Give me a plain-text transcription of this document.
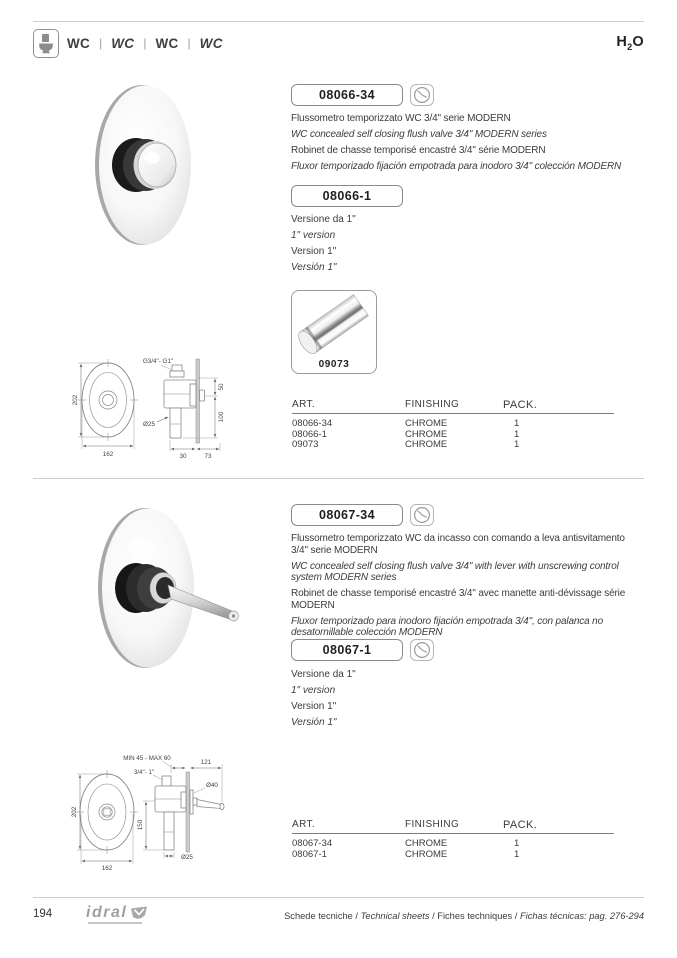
WC | WC | WC | WC	$H_2O$
08066-34

Flussometro temporizzato WC 3/4" serie MODERN

WC concealed self closing flush valve 3/4" MODERN series

Robinet de chasse temporisé encastré 3/4" série MODERN

Fluxor temporizado fijación empotrada para inodoro 3/4" colección MODERN

08066-1
Versione da 1"
1" version
Version 1"
Versión 1"
09073
202
162
G3/4"- G1"
50
100
Ø25
30	73
ART.	FINISHING	PACK.
08066-34	CHROME	1
08066-1	CHROME	1
09073	CHROME	1
08067-34

Flussometro temporizzato WC da incasso con comando a leva antisvitamento 3/4" serie MODERN

WC concealed self closing flush valve 3/4" with lever with unscrewing control system MODERN series

Robinet de chasse temporisé encastré 3/4" avec manette anti-dévissage série MODERN

Fluxor temporizado para inodoro fijación empotrada 3/4", con palanca no desatornillable colección MODERN

08067-1
Versione da 1"
1" version
Version 1"
Versión 1"
MIN 45 - MAX 60
121
202
162
3/4"- 1"
Ø40
150
Ø25
ART.	FINISHING	PACK.
08067-34	CHROME	1
08067-1	CHROME	1
194 idral	Schede tecniche / Technical sheets / Fiches techniques / Fichas técnicas: pag. 276-294
